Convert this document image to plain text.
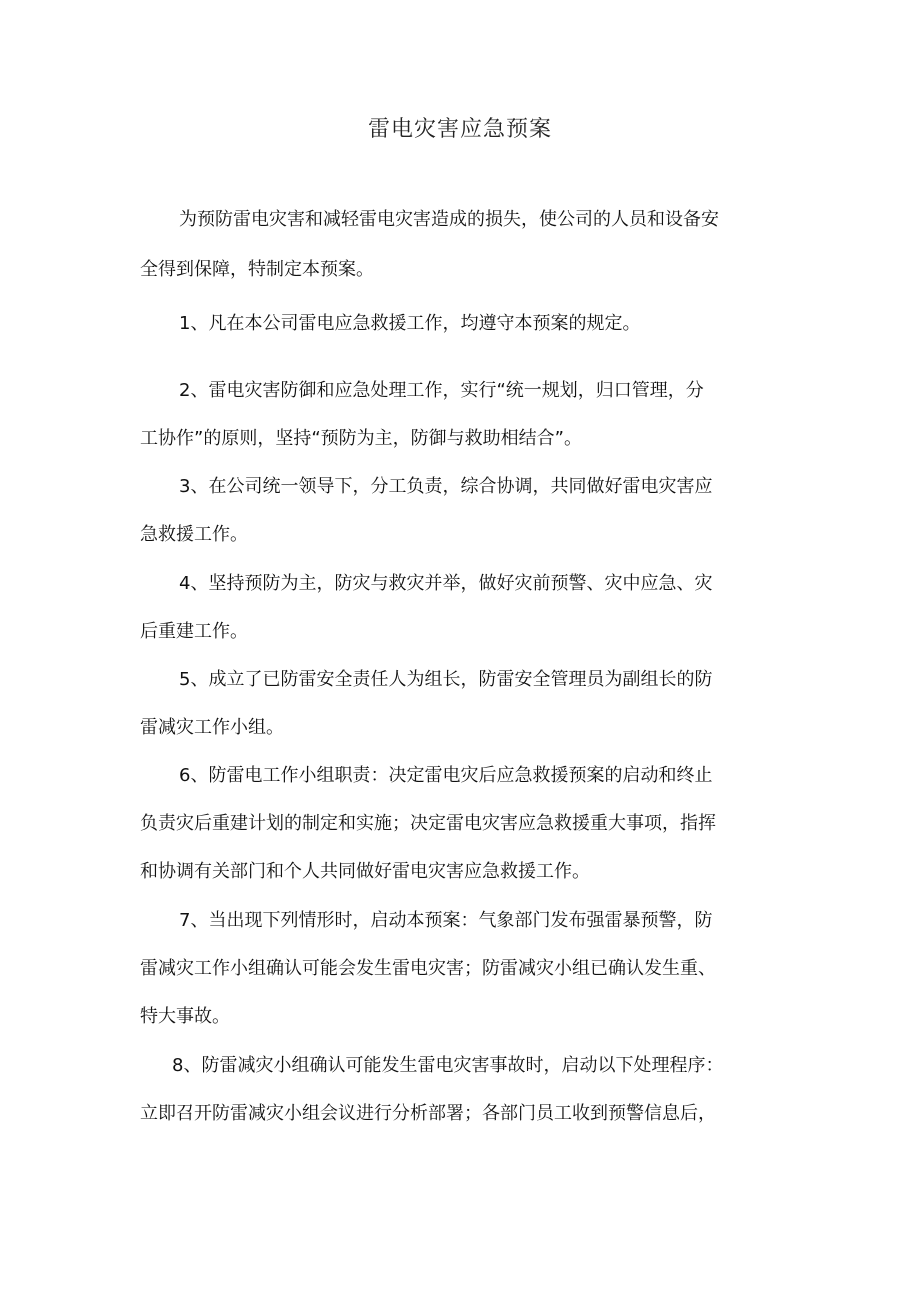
雷电灾害应急预案
为预防雷电灾害和减轻雷电灾害造成的损失，使公司的人员和设备安
全得到保障，特制定本预案。
1、凡在本公司雷电应急救援工作，均遵守本预案的规定。
2、雷电灾害防御和应急处理工作，实行“统一规划，归口管理，分
工协作”的原则，坚持“预防为主，防御与救助相结合”。
3、在公司统一领导下，分工负责，综合协调，共同做好雷电灾害应
急救援工作。
4、坚持预防为主，防灾与救灾并举，做好灾前预警、灾中应急、灾
后重建工作。
5、成立了已防雷安全责任人为组长，防雷安全管理员为副组长的防
雷减灾工作小组。
6、防雷电工作小组职责：决定雷电灾后应急救援预案的启动和终止
负责灾后重建计划的制定和实施；决定雷电灾害应急救援重大事项，指挥
和协调有关部门和个人共同做好雷电灾害应急救援工作。
7、当出现下列情形时，启动本预案：气象部门发布强雷暴预警，防
雷减灾工作小组确认可能会发生雷电灾害；防雷减灾小组已确认发生重、
特大事故。
8、防雷减灾小组确认可能发生雷电灾害事故时，启动以下处理程序：
立即召开防雷减灾小组会议进行分析部署；各部门员工收到预警信息后，
